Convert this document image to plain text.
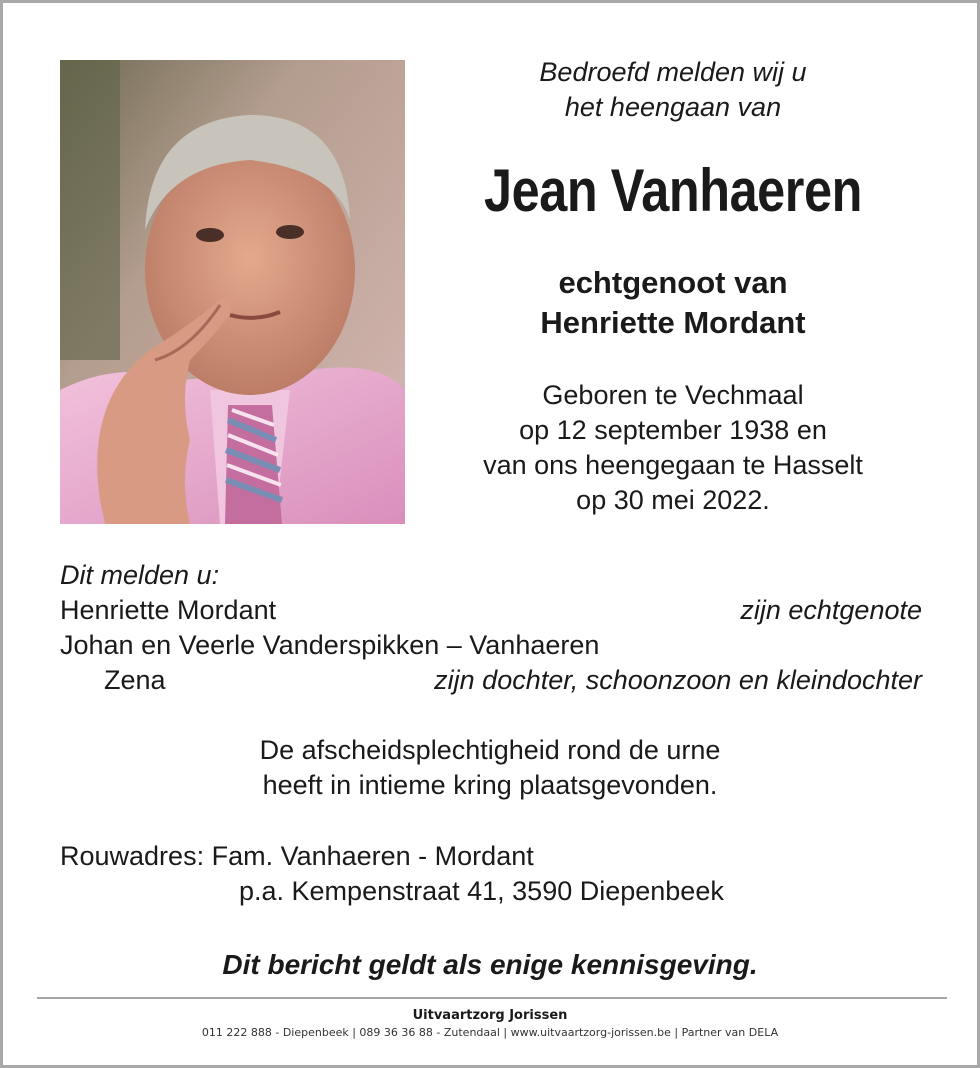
Bedroefd melden wij u
het heengaan van
Jean Vanhaeren
echtgenoot van
Henriette Mordant
Geboren te Vechmaal
op 12 september 1938 en
van ons heengegaan te Hasselt
op 30 mei 2022.
Dit melden u:
Henriette Mordant	zijn echtgenote
Johan en Veerle Vanderspikken – Vanhaeren
Zena	zijn dochter, schoonzoon en kleindochter
De afscheidsplechtigheid rond de urne
heeft in intieme kring plaatsgevonden.
Rouwadres: Fam. Vanhaeren - Mordant
p.a. Kempenstraat 41, 3590 Diepenbeek
Dit bericht geldt als enige kennisgeving.
Uitvaartzorg Jorissen
011 222 888 - Diepenbeek | 089 36 36 88 - Zutendaal | www.uitvaartzorg-jorissen.be | Partner van DELA
